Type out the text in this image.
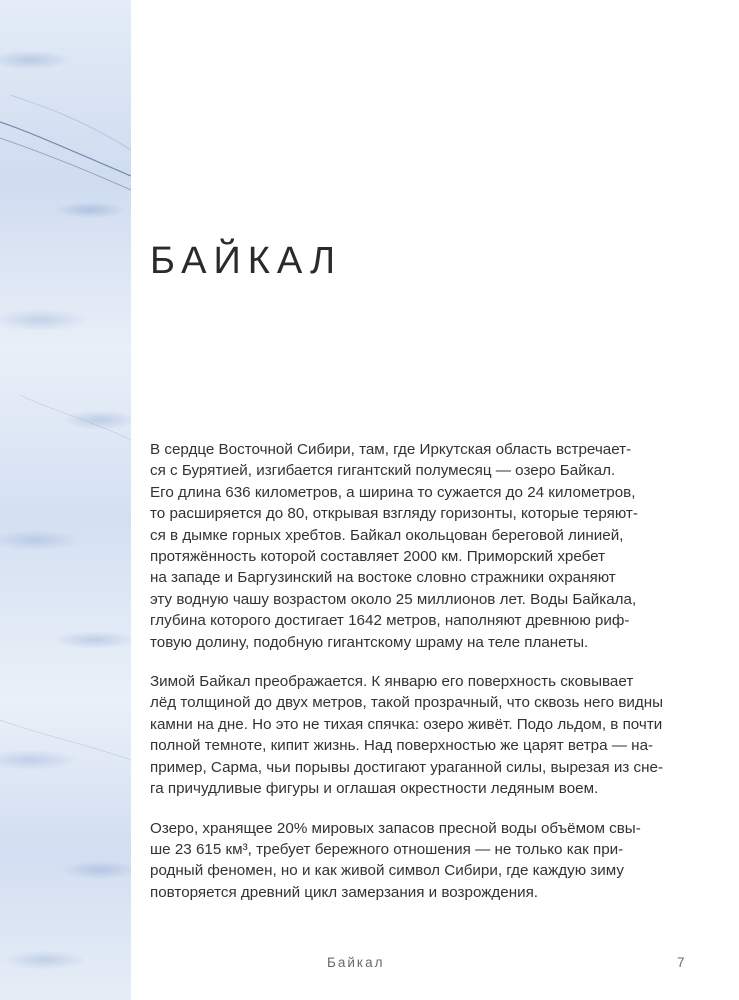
БАЙКАЛ

В сердце Восточной Сибири, там, где Иркутская область встречает-
ся с Бурятией, изгибается гигантский полумесяц — озеро Байкал.
Его длина 636 километров, а ширина то сужается до 24 километров,
то расширяется до 80, открывая взгляду горизонты, которые теряют-
ся в дымке горных хребтов. Байкал окольцован береговой линией,
протяжённость которой составляет 2000 км. Приморский хребет
на западе и Баргузинский на востоке словно стражники охраняют
эту водную чашу возрастом около 25 миллионов лет. Воды Байкала,
глубина которого достигает 1642 метров, наполняют древнюю риф-
товую долину, подобную гигантскому шраму на теле планеты.

Зимой Байкал преображается. К январю его поверхность сковывает
лёд толщиной до двух метров, такой прозрачный, что сквозь него видны
камни на дне. Но это не тихая спячка: озеро живёт. Подо льдом, в почти
полной темноте, кипит жизнь. Над поверхностью же царят ветра — на-
пример, Сарма, чьи порывы достигают ураганной силы, вырезая из сне-
га причудливые фигуры и оглашая окрестности ледяным воем.

Озеро, хранящее 20% мировых запасов пресной воды объёмом свы-
ше 23 615 км³, требует бережного отношения — не только как при-
родный феномен, но и как живой символ Сибири, где каждую зиму
повторяется древний цикл замерзания и возрождения.

Байкал	7
